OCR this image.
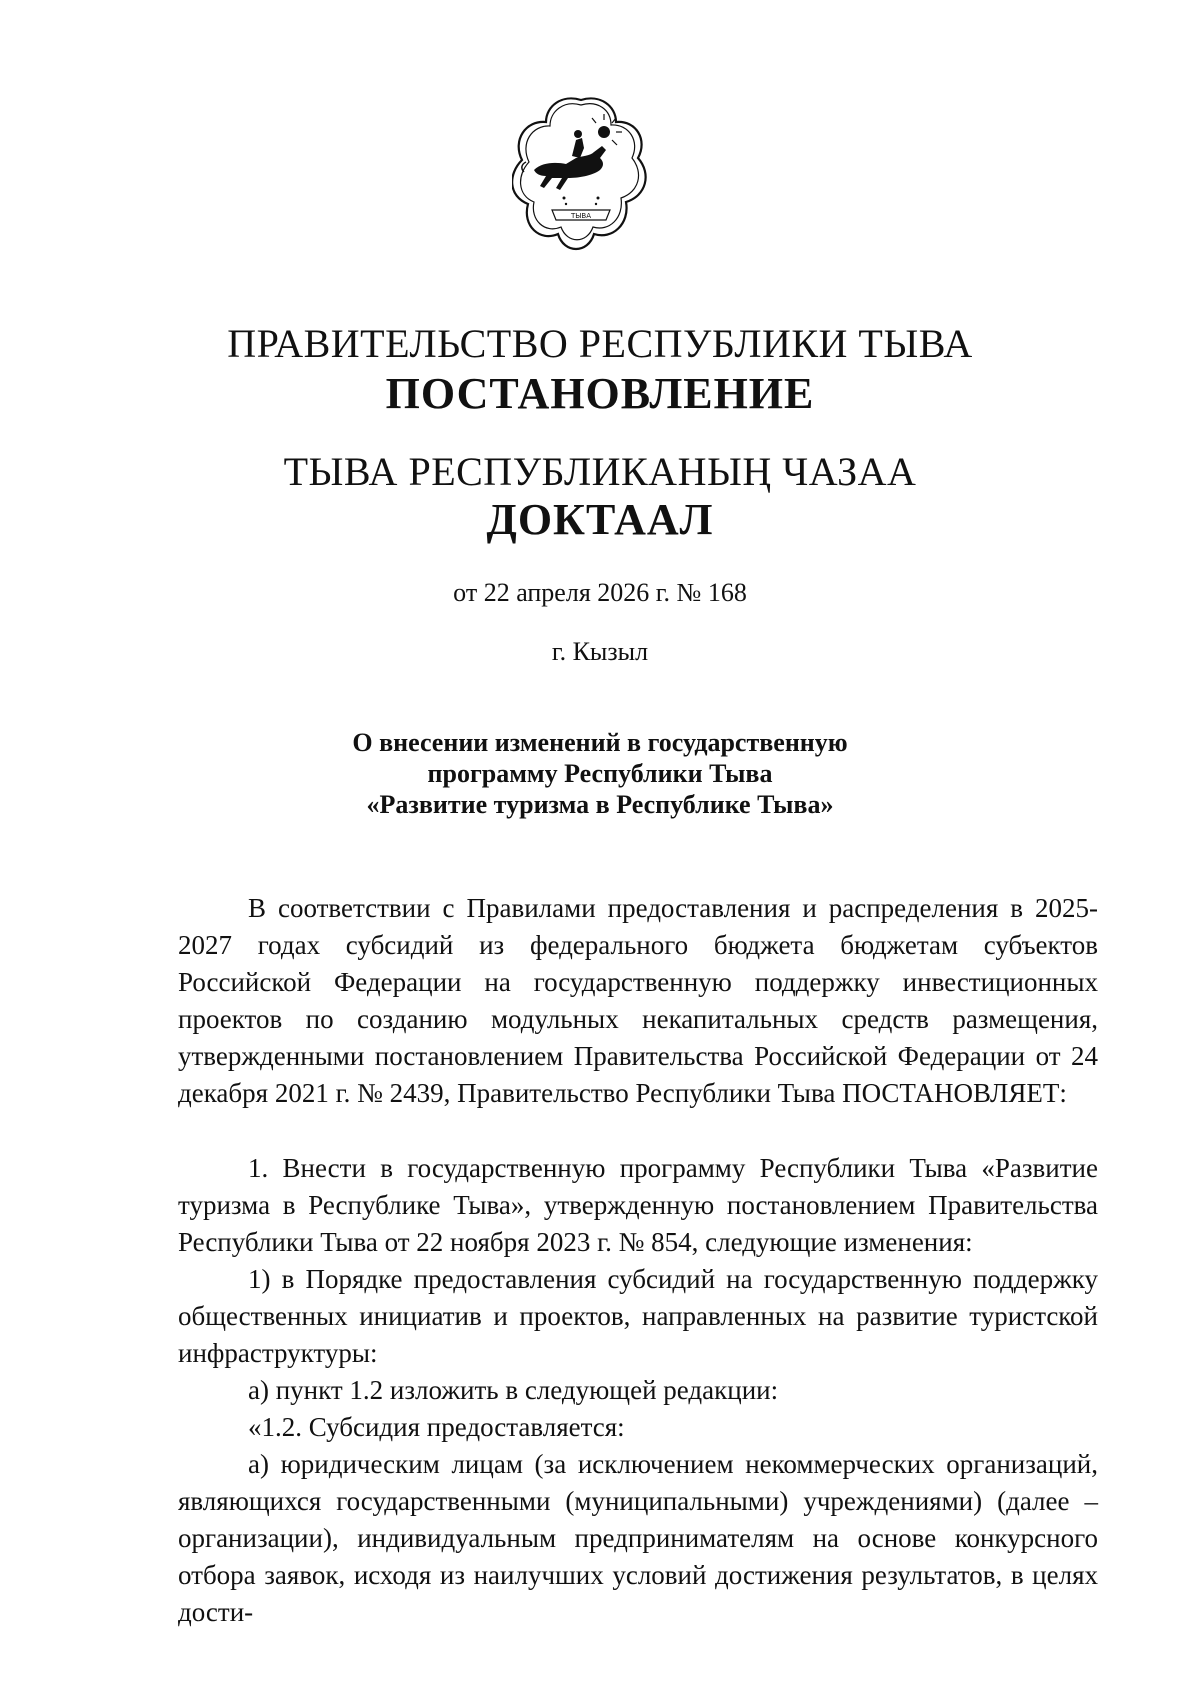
ТЫВА
ПРАВИТЕЛЬСТВО РЕСПУБЛИКИ ТЫВА
ПОСТАНОВЛЕНИЕ
ТЫВА РЕСПУБЛИКАНЫҢ ЧАЗАА
ДОКТААЛ
от 22 апреля 2026 г. № 168
г. Кызыл
О внесении изменений в государственную
программу Республики Тыва
«Развитие туризма в Республике Тыва»

В соответствии с Правилами предоставления и распределения в 2025-2027 годах субсидий из федерального бюджета бюджетам субъектов Российской Федерации на государственную поддержку инвестиционных проектов по созданию модульных некапитальных средств размещения, утвержденными постановлением Правительства Российской Федерации от 24 декабря 2021 г. № 2439, Правительство Республики Тыва ПОСТАНОВЛЯЕТ:

1. Внести в государственную программу Республики Тыва «Развитие туризма в Республике Тыва», утвержденную постановлением Правительства Республики Тыва от 22 ноября 2023 г. № 854, следующие изменения:

1) в Порядке предоставления субсидий на государственную поддержку общественных инициатив и проектов, направленных на развитие туристской инфраструктуры:

а) пункт 1.2 изложить в следующей редакции:

«1.2. Субсидия предоставляется:

а) юридическим лицам (за исключением некоммерческих организаций, являющихся государственными (муниципальными) учреждениями) (далее – организации), индивидуальным предпринимателям на основе конкурсного отбора заявок, исходя из наилучших условий достижения результатов, в целях дости-
